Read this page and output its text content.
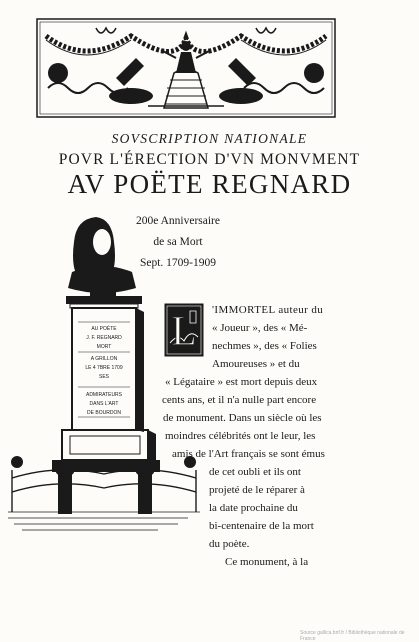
SOVSCRIPTION NATIONALE
POVR L'ÉRECTION D'VN MONVMENT
AV POËTE REGNARD
200e Anniversaire
de sa Mort
Sept. 1709-1909
AU POÈTE
J. F. REGNARD
MORT
A GRILLON
LE 4 7BRE 1709
SES
ADMIRATEURS
DANS L'ART
DE BOURDON
L 'IMMORTEL auteur du
« Joueur », des « Mé-
nechmes », des « Folies
Amoureuses » et du
« Légataire » est mort depuis deux
cents ans, et il n'a nulle part encore
de monument. Dans un siècle où les
moindres célébrités ont le leur, les
amis de l'Art français se sont émus
de cet oubli et ils ont
projeté de le réparer à
la date prochaine du
bi-centenaire de la mort
du poète.
Ce monument, à la
Source gallica.bnf.fr / Bibliothèque nationale de France
